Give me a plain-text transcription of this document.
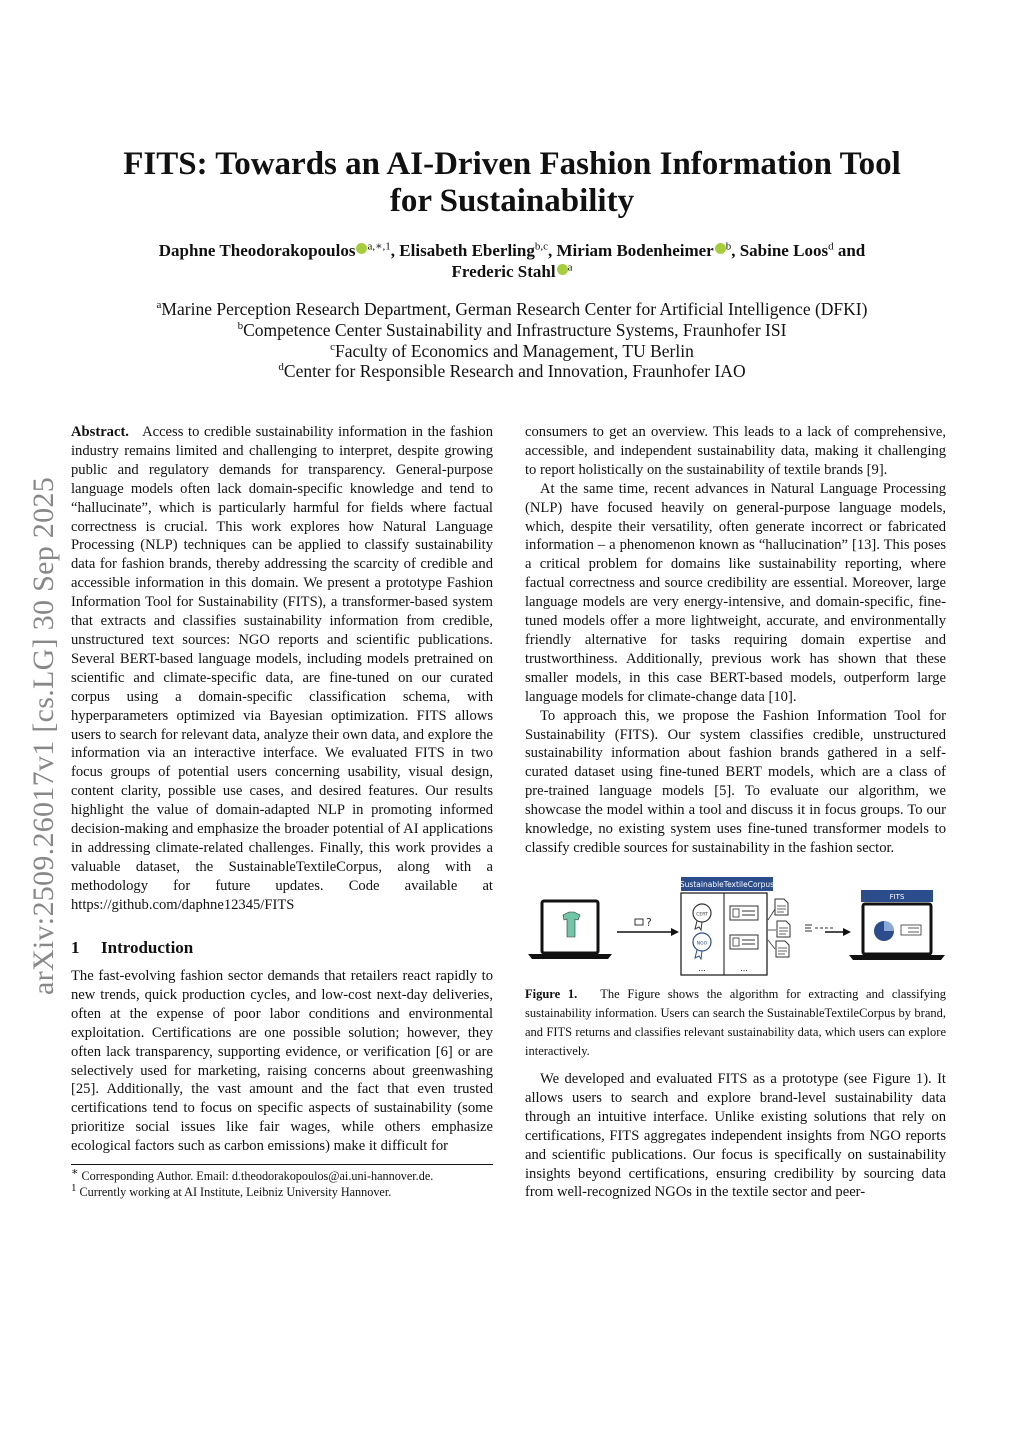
FITS: Towards an AI-Driven Fashion Information Tool
for Sustainability
Daphne Theodorakopoulos $^{a,∗,1}$, Elisabeth Eberling$^{b,c}$, Miriam Bodenheimer $^b$, Sabine Loos$^d$ and
Frederic Stahl $^a$
$^a$Marine Perception Research Department, German Research Center for Artificial Intelligence (DFKI)
$^b$Competence Center Sustainability and Infrastructure Systems, Fraunhofer ISI
$^c$Faculty of Economics and Management, TU Berlin
$^d$Center for Responsible Research and Innovation, Fraunhofer IAO
arXiv:2509.26017v1 [cs.LG] 30 Sep 2025

Abstract. Access to credible sustainability information in the fashion industry remains limited and challenging to interpret, despite growing public and regulatory demands for transparency. General-purpose language models often lack domain-specific knowledge and tend to “hallucinate”, which is particularly harmful for fields where factual correctness is crucial. This work explores how Natural Language Processing (NLP) techniques can be applied to classify sustainability data for fashion brands, thereby addressing the scarcity of credible and accessible information in this domain. We present a prototype Fashion Information Tool for Sustainability (FITS), a transformer-based system that extracts and classifies sustainability information from credible, unstructured text sources: NGO reports and scientific publications. Several BERT-based language models, including models pretrained on scientific and climate-specific data, are fine-tuned on our curated corpus using a domain-specific classification schema, with hyperparameters optimized via Bayesian optimization. FITS allows users to search for relevant data, analyze their own data, and explore the information via an interactive interface. We evaluated FITS in two focus groups of potential users concerning usability, visual design, content clarity, possible use cases, and desired features. Our results highlight the value of domain-adapted NLP in promoting informed decision-making and emphasize the broader potential of AI applications in addressing climate-related challenges. Finally, this work provides a valuable dataset, the SustainableTextileCorpus, along with a methodology for future updates. Code available at https://github.com/daphne12345/FITS

1 Introduction

The fast-evolving fashion sector demands that retailers react rapidly to new trends, quick production cycles, and low-cost next-day deliveries, often at the expense of poor labor conditions and environmental exploitation. Certifications are one possible solution; however, they often lack transparency, supporting evidence, or verification [6] or are selectively used for marketing, raising concerns about greenwashing [25]. Additionally, the vast amount and the fact that even trusted certifications tend to focus on specific aspects of sustainability (some prioritize social issues like fair wages, while others emphasize ecological factors such as carbon emissions) make it difficult for

∗ Corresponding Author. Email: d.theodorakopoulos@ai.uni-hannover.de.
$^1$ Currently working at AI Institute, Leibniz University Hannover.

consumers to get an overview. This leads to a lack of comprehensive, accessible, and independent sustainability data, making it challenging to report holistically on the sustainability of textile brands [9].

At the same time, recent advances in Natural Language Processing (NLP) have focused heavily on general-purpose language models, which, despite their versatility, often generate incorrect or fabricated information – a phenomenon known as “hallucination” [13]. This poses a critical problem for domains like sustainability reporting, where factual correctness and source credibility are essential. Moreover, large language models are very energy-intensive, and domain-specific, fine-tuned models offer a more lightweight, accurate, and environmentally friendly alternative for tasks requiring domain expertise and trustworthiness. Additionally, previous work has shown that these smaller models, in this case BERT-based models, outperform large language models for climate-change data [10].

To approach this, we propose the Fashion Information Tool for Sustainability (FITS). Our system classifies credible, unstructured sustainability information about fashion brands gathered in a self-curated dataset using fine-tuned BERT models, which are a class of pre-trained language models [5]. To evaluate our algorithm, we showcase the model within a tool and discuss it in focus groups. To our knowledge, no existing system uses fine-tuned transformer models to classify credible sources for sustainability in the fashion sector.

?
SustainableTextileCorpus
CERT
NGO
...	...
FITS
Figure 1. The Figure shows the algorithm for extracting and classifying sustainability information. Users can search the SustainableTextileCorpus by brand, and FITS returns and classifies relevant sustainability data, which users can explore interactively.

We developed and evaluated FITS as a prototype (see Figure 1). It allows users to search and explore brand-level sustainability data through an intuitive interface. Unlike existing solutions that rely on certifications, FITS aggregates independent insights from NGO reports and scientific publications. Our focus is specifically on sustainability insights beyond certifications, ensuring credibility by sourcing data from well-recognized NGOs in the textile sector and peer-
